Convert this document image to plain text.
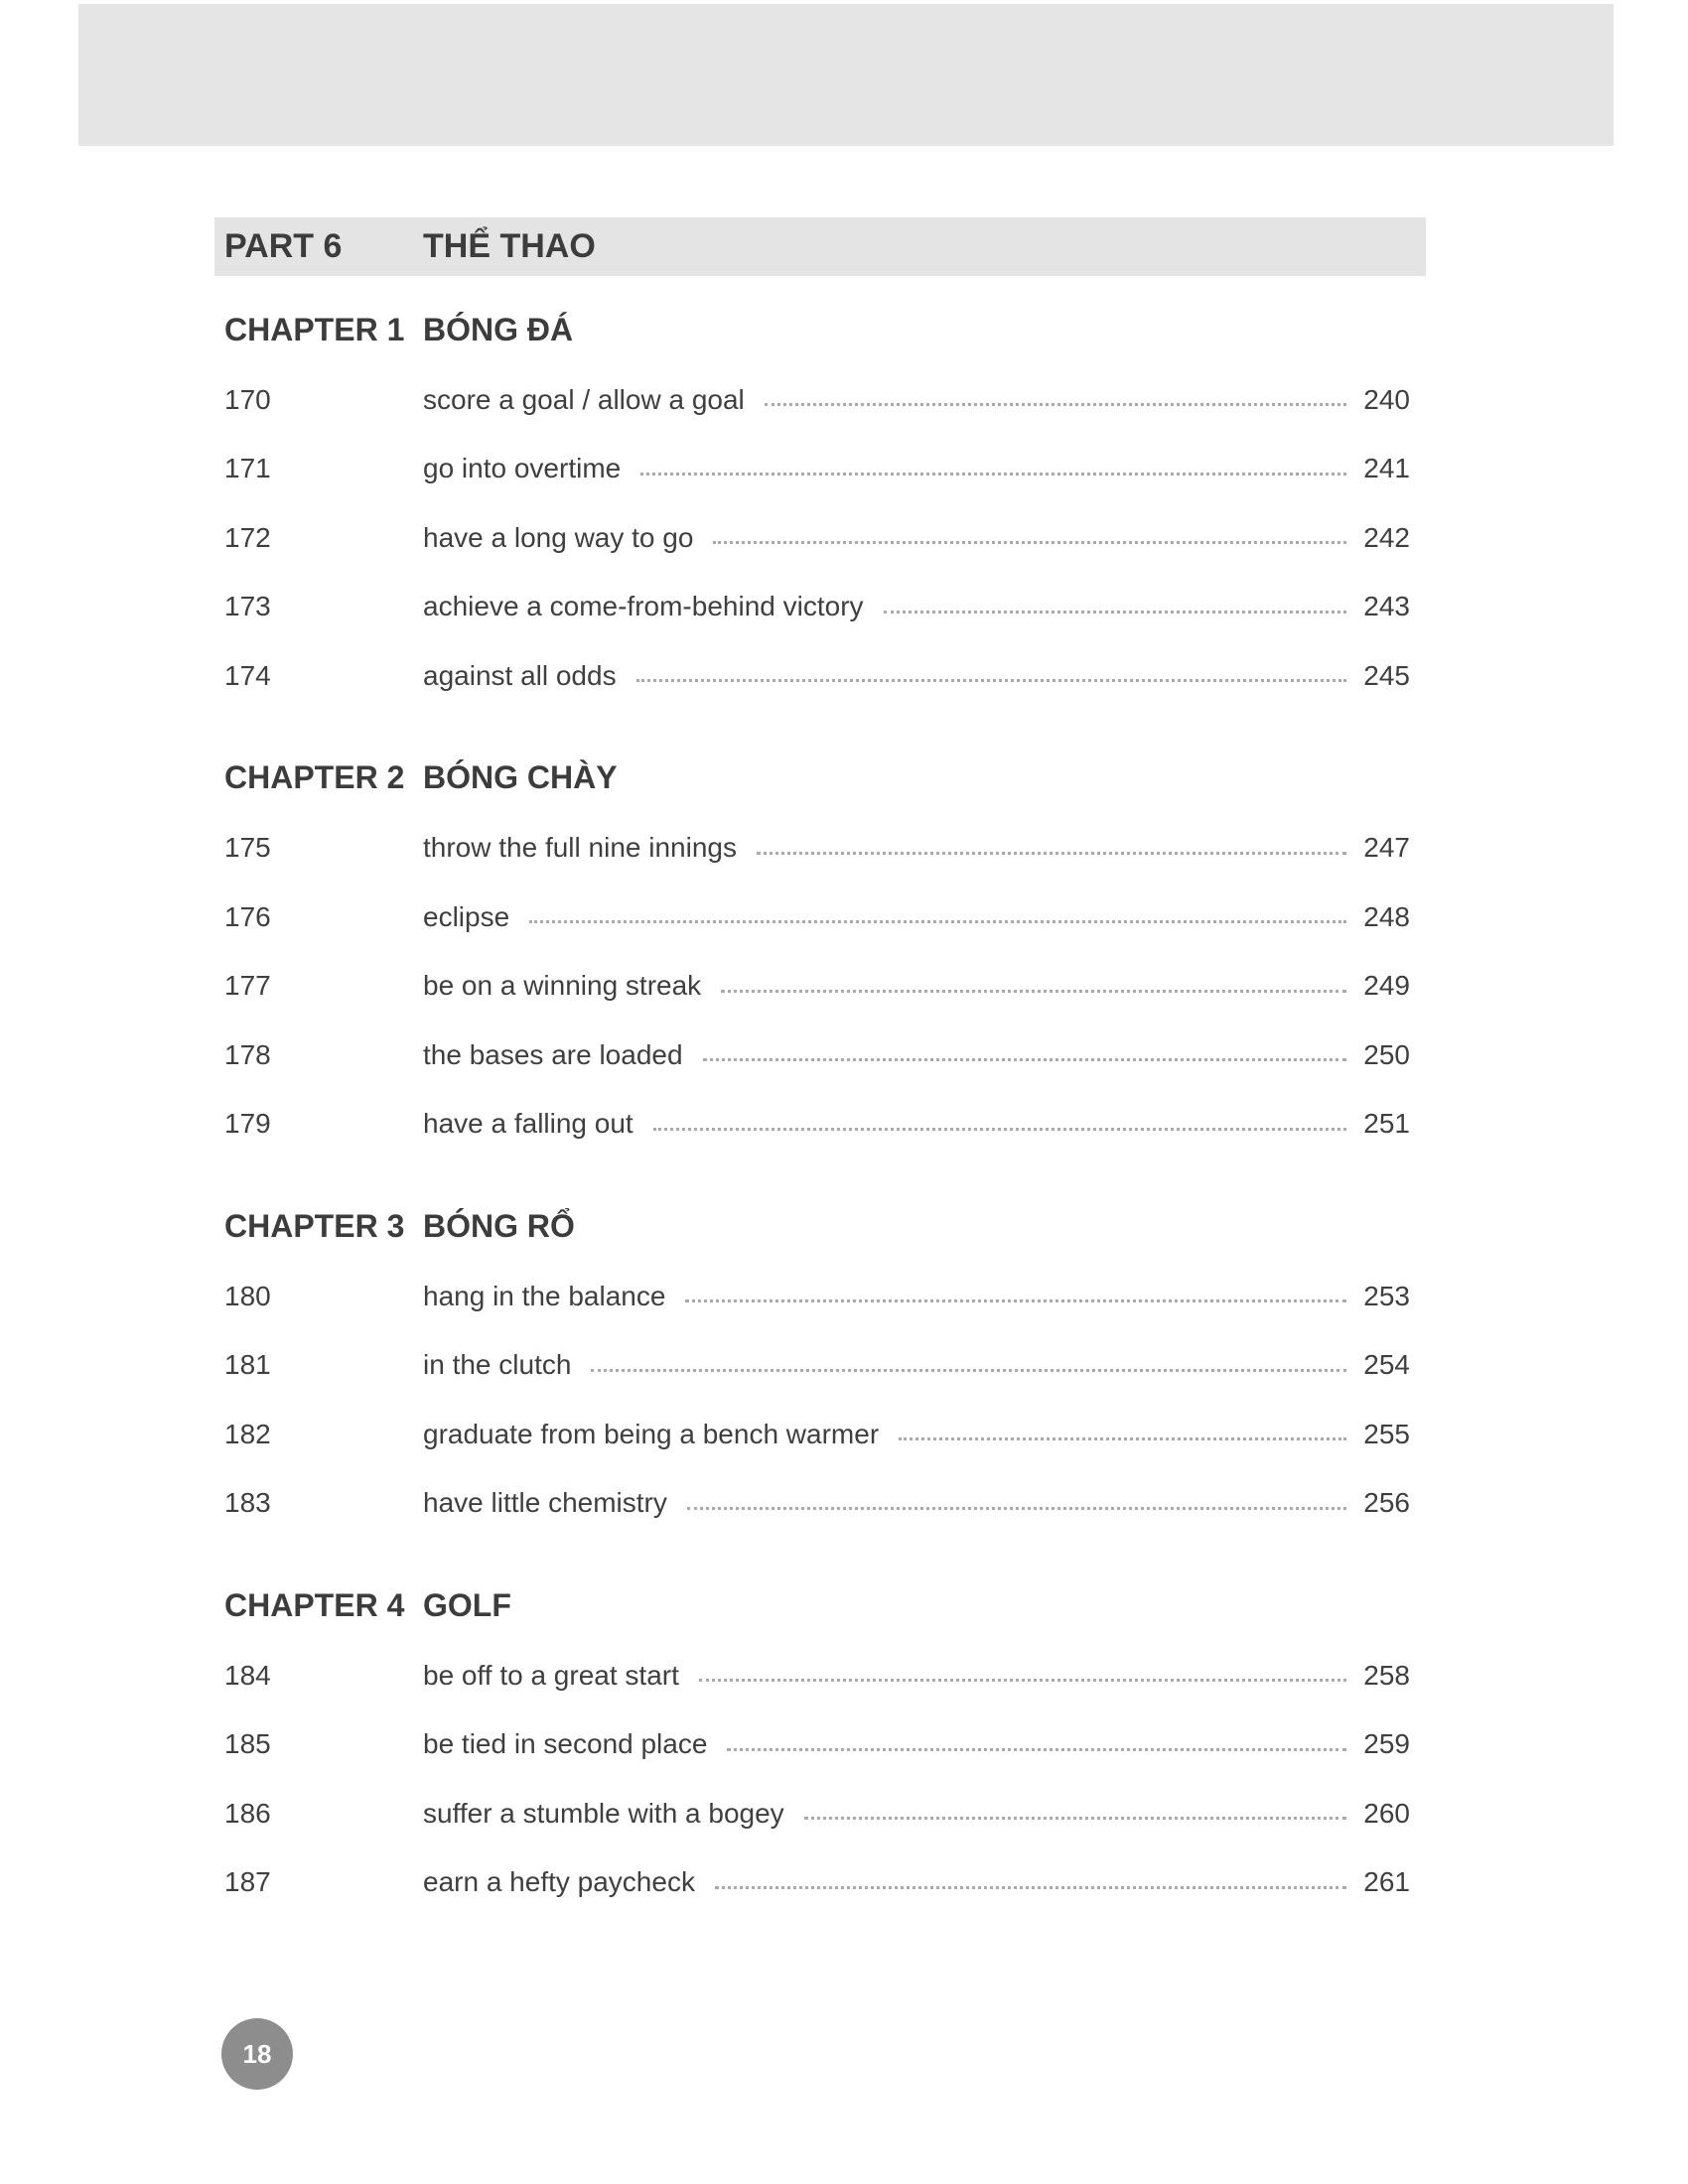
PART 6	THỂ THAO
CHAPTER 1 BÓNG ĐÁ
170	score a goal / allow a goal	240
171	go into overtime	241
172	have a long way to go	242
173	achieve a come-from-behind victory	243
174	against all odds	245
CHAPTER 2 BÓNG CHÀY
175	throw the full nine innings	247
176	eclipse	248
177	be on a winning streak	249
178	the bases are loaded	250
179	have a falling out	251
CHAPTER 3 BÓNG RỔ
180	hang in the balance	253
181	in the clutch	254
182	graduate from being a bench warmer	255
183	have little chemistry	256
CHAPTER 4 GOLF
184	be off to a great start	258
185	be tied in second place	259
186	suffer a stumble with a bogey	260
187	earn a hefty paycheck	261
18
